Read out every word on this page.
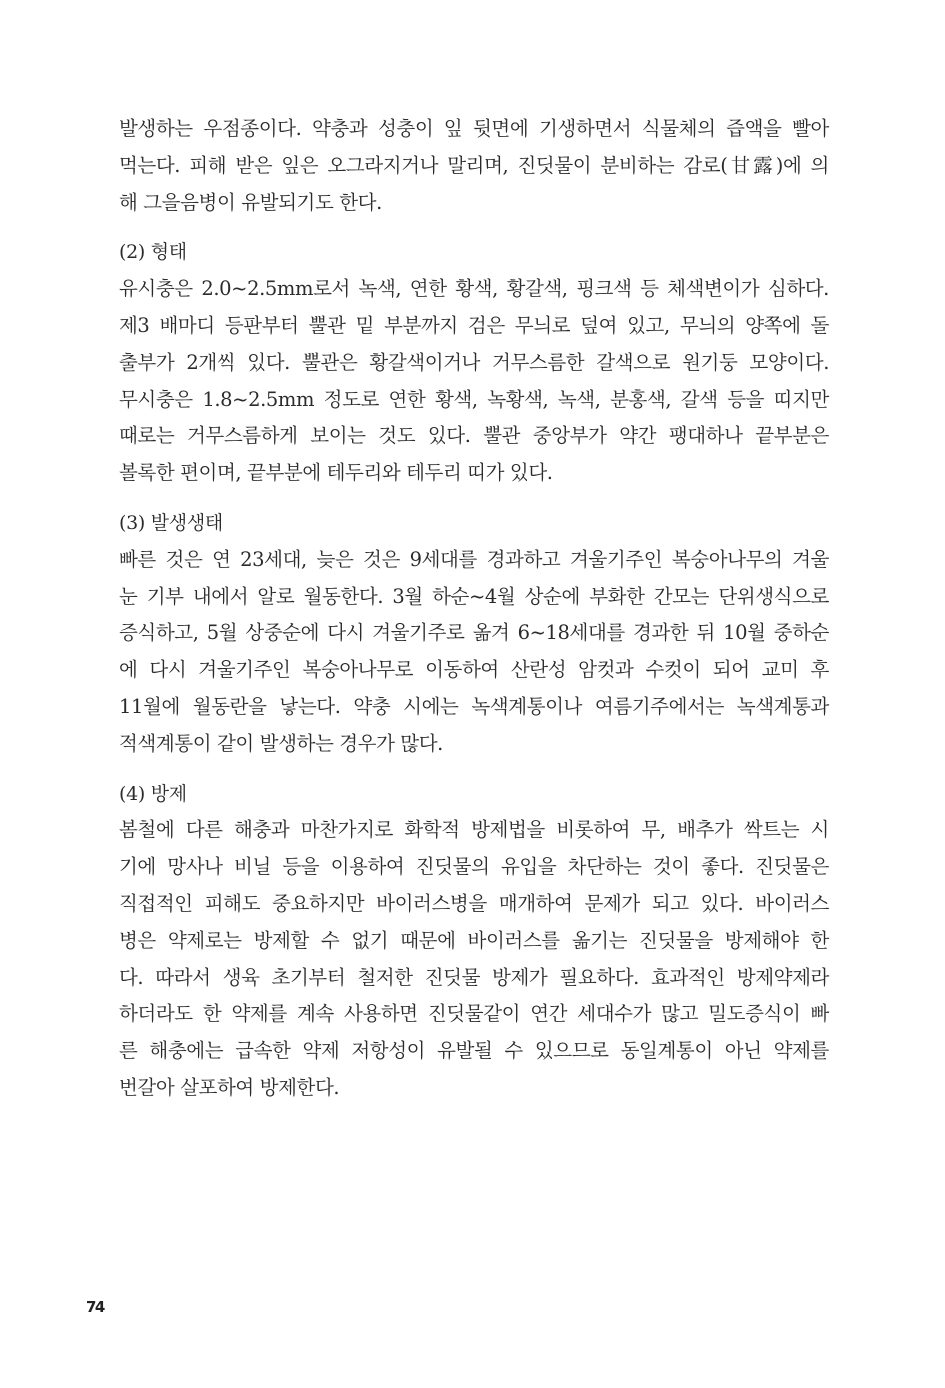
발생하는 우점종이다. 약충과 성충이 잎 뒷면에 기생하면서 식물체의 즙액을 빨아
먹는다. 피해 받은 잎은 오그라지거나 말리며, 진딧물이 분비하는 감로(甘露)에 의
해 그을음병이 유발되기도 한다.
(2) 형태
유시충은 2.0~2.5mm로서 녹색, 연한 황색, 황갈색, 핑크색 등 체색변이가 심하다.
제3 배마디 등판부터 뿔관 밑 부분까지 검은 무늬로 덮여 있고, 무늬의 양쪽에 돌
출부가 2개씩 있다. 뿔관은 황갈색이거나 거무스름한 갈색으로 원기둥 모양이다.
무시충은 1.8~2.5mm 정도로 연한 황색, 녹황색, 녹색, 분홍색, 갈색 등을 띠지만
때로는 거무스름하게 보이는 것도 있다. 뿔관 중앙부가 약간 팽대하나 끝부분은
볼록한 편이며, 끝부분에 테두리와 테두리 띠가 있다.
(3) 발생생태
빠른 것은 연 23세대, 늦은 것은 9세대를 경과하고 겨울기주인 복숭아나무의 겨울
눈 기부 내에서 알로 월동한다. 3월 하순~4월 상순에 부화한 간모는 단위생식으로
증식하고, 5월 상중순에 다시 겨울기주로 옮겨 6~18세대를 경과한 뒤 10월 중하순
에 다시 겨울기주인 복숭아나무로 이동하여 산란성 암컷과 수컷이 되어 교미 후
11월에 월동란을 낳는다. 약충 시에는 녹색계통이나 여름기주에서는 녹색계통과
적색계통이 같이 발생하는 경우가 많다.
(4) 방제
봄철에 다른 해충과 마찬가지로 화학적 방제법을 비롯하여 무, 배추가 싹트는 시
기에 망사나 비닐 등을 이용하여 진딧물의 유입을 차단하는 것이 좋다. 진딧물은
직접적인 피해도 중요하지만 바이러스병을 매개하여 문제가 되고 있다. 바이러스
병은 약제로는 방제할 수 없기 때문에 바이러스를 옮기는 진딧물을 방제해야 한
다. 따라서 생육 초기부터 철저한 진딧물 방제가 필요하다. 효과적인 방제약제라
하더라도 한 약제를 계속 사용하면 진딧물같이 연간 세대수가 많고 밀도증식이 빠
른 해충에는 급속한 약제 저항성이 유발될 수 있으므로 동일계통이 아닌 약제를
번갈아 살포하여 방제한다.
74
